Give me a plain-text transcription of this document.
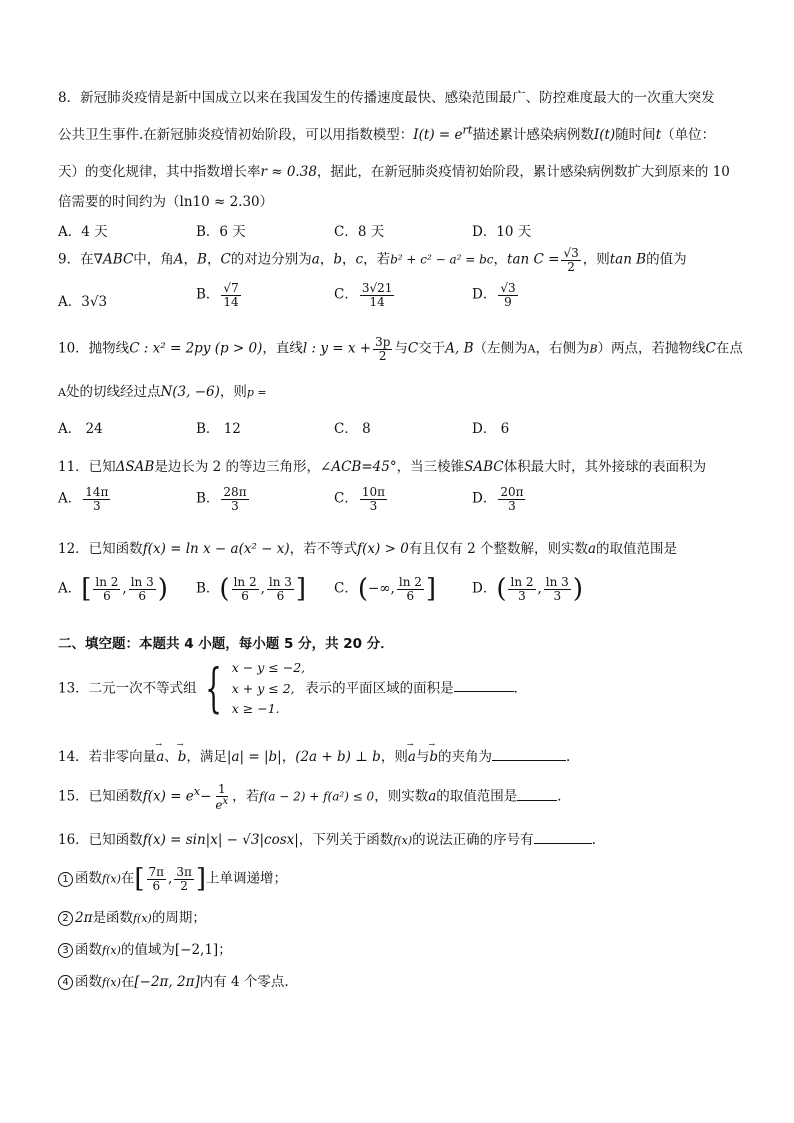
8．新冠肺炎疫情是新中国成立以来在我国发生的传播速度最快、感染范围最广、防控难度最大的一次重大突发
公共卫生事件.在新冠肺炎疫情初始阶段，可以用指数模型：$I(t) = e^{rt}$描述累计感染病例数I(t)随时间t（单位：
天）的变化规律，其中指数增长率r ≈ 0.38，据此，在新冠肺炎疫情初始阶段，累计感染病例数扩大到原来的 10
倍需要的时间约为（ln10 ≈ 2.30）
A．4 天	B．6 天	C．8 天	D．10 天
9．在∇ABC中，角A，B，C的对边分别为a，b，c，若b² + c² − a² = bc，$\tan C = \frac{√3}{2}$ ，则tan B的值为
A．3√3	B． $\frac{√7}{14}$	C． $\frac{3√21}{14}$	D． $\frac{√3}{9}$
10．抛物线C : x² = 2py (p > 0)，直线l : $y = x + \frac{3p}{2}$ 与C交于A, B（左侧为A，右侧为B）两点，若抛物线C在点
A处的切线经过点N(3, −6)，则p =
A． 24	B． 12	C． 8	D． 6
11．已知ΔSAB是边长为 2 的等边三角形，∠ACB=45°，当三棱锥SABC体积最大时，其外接球的表面积为
A． $\frac{14\pi}{3}$	B． $\frac{28\pi}{3}$	C． $\frac{10\pi}{3}$	D． $\frac{20\pi}{3}$
12．已知函数f(x) = ln x − a(x² − x)，若不等式f(x) > 0有且仅有 2 个整数解，则实数a的取值范围是
A．[ $\frac{\ln 2}{6}$ , $\frac{\ln 3}{6}$ ) B．( $\frac{\ln 2}{6}$ , $\frac{\ln 3}{6}$ ] C．(−∞, $\frac{\ln 2}{6}$ ]	D．( $\frac{\ln 2}{3}$ , $\frac{\ln 3}{3}$ )
二、填空题：本题共 4 小题，每小题 5 分，共 20 分．
13．二元一次不等式组 { x − y ≤ −2,
x + y ≤ 2,
x ≥ −1.
表示的平面区域的面积是	．
14．若非零向量→ a、→ b，满足|a| = |b|，(2a + b) ⊥ b，则→ a与→ b的夹角为	.
15．已知函数$f(x) = e^x- \frac{1}{e^x}$ ，若f(a − 2) + f(a²) ≤ 0，则实数a的取值范围是	．
16．已知函数f(x) = sin|x| − √3|cosx|，下列关于函数f(x)的说法正确的序号有	.
1 函数f(x)在[ $\frac{7\pi}{6}$ , $\frac{3\pi}{2}$ ]上单调递增；
2 2π是函数f(x)的周期；
3 函数f(x)的值域为[−2,1]；
4 函数f(x)在[−2π, 2π]内有 4 个零点.
